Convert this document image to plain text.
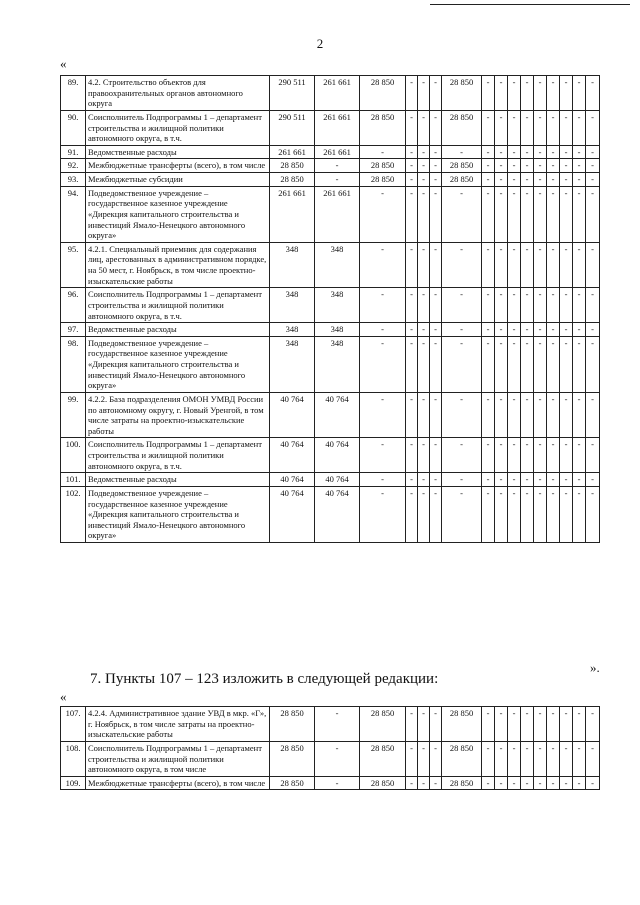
2
«
89.	4.2. Строительство объектов для правоохранительных органов автономного округа	290 511	261 661	28 850	-	-	-	28 850	-	-	-	-	-	-	-	-	-
90.	Соисполнитель Подпрограммы 1 – департамент строительства и жилищной политики автономного округа, в т.ч.	290 511	261 661	28 850	-	-	-	28 850	-	-	-	-	-	-	-	-	-
91.	Ведомственные расходы	261 661	261 661	-	-	-	-	-	-	-	-	-	-	-	-	-	-
92.	Межбюджетные трансферты (всего), в том числе	28 850	-	28 850	-	-	-	28 850	-	-	-	-	-	-	-	-	-
93.	Межбюджетные субсидии	28 850	-	28 850	-	-	-	28 850	-	-	-	-	-	-	-	-	-
94.	Подведомственное учреждение – государственное казенное учреждение «Дирекция капитального строительства и инвестиций Ямало-Ненецкого автономного округа»	261 661	261 661	-	-	-	-	-	-	-	-	-	-	-	-	-	-
95.	4.2.1. Специальный приемник для содержания лиц, арестованных в административном порядке, на 50 мест, г. Ноябрьск, в том числе проектно-изыскательские работы	348	348	-	-	-	-	-	-	-	-	-	-	-	-	-	-
96.	Соисполнитель Подпрограммы 1 – департамент строительства и жилищной политики автономного округа, в т.ч.	348	348	-	-	-	-	-	-	-	-	-	-	-	-	-	-
97.	Ведомственные расходы	348	348	-	-	-	-	-	-	-	-	-	-	-	-	-	-
98.	Подведомственное учреждение – государственное казенное учреждение «Дирекция капитального строительства и инвестиций Ямало-Ненецкого автономного округа»	348	348	-	-	-	-	-	-	-	-	-	-	-	-	-	-
99.	4.2.2. База подразделения ОМОН УМВД России по автономному округу, г. Новый Уренгой, в том числе затраты на проектно-изыскательские работы	40 764	40 764	-	-	-	-	-	-	-	-	-	-	-	-	-	-
100.	Соисполнитель Подпрограммы 1 – департамент строительства и жилищной политики автономного округа, в т.ч.	40 764	40 764	-	-	-	-	-	-	-	-	-	-	-	-	-	-
101.	Ведомственные расходы	40 764	40 764	-	-	-	-	-	-	-	-	-	-	-	-	-	-
102.	Подведомственное учреждение – государственное казенное учреждение «Дирекция капитального строительства и инвестиций Ямало-Ненецкого автономного округа»	40 764	40 764	-	-	-	-	-	-	-	-	-	-	-	-	-	-
».
7. Пункты 107 – 123 изложить в следующей редакции:
«
107.	4.2.4. Административное здание УВД в мкр. «Г», г. Ноябрьск, в том числе затраты на проектно-изыскательские работы	28 850	-	28 850	-	-	-	28 850	-	-	-	-	-	-	-	-	-
108.	Соисполнитель Подпрограммы 1 – департамент строительства и жилищной политики автономного округа, в том числе	28 850	-	28 850	-	-	-	28 850	-	-	-	-	-	-	-	-	-
109.	Межбюджетные трансферты (всего), в том числе	28 850	-	28 850	-	-	-	28 850	-	-	-	-	-	-	-	-	-
